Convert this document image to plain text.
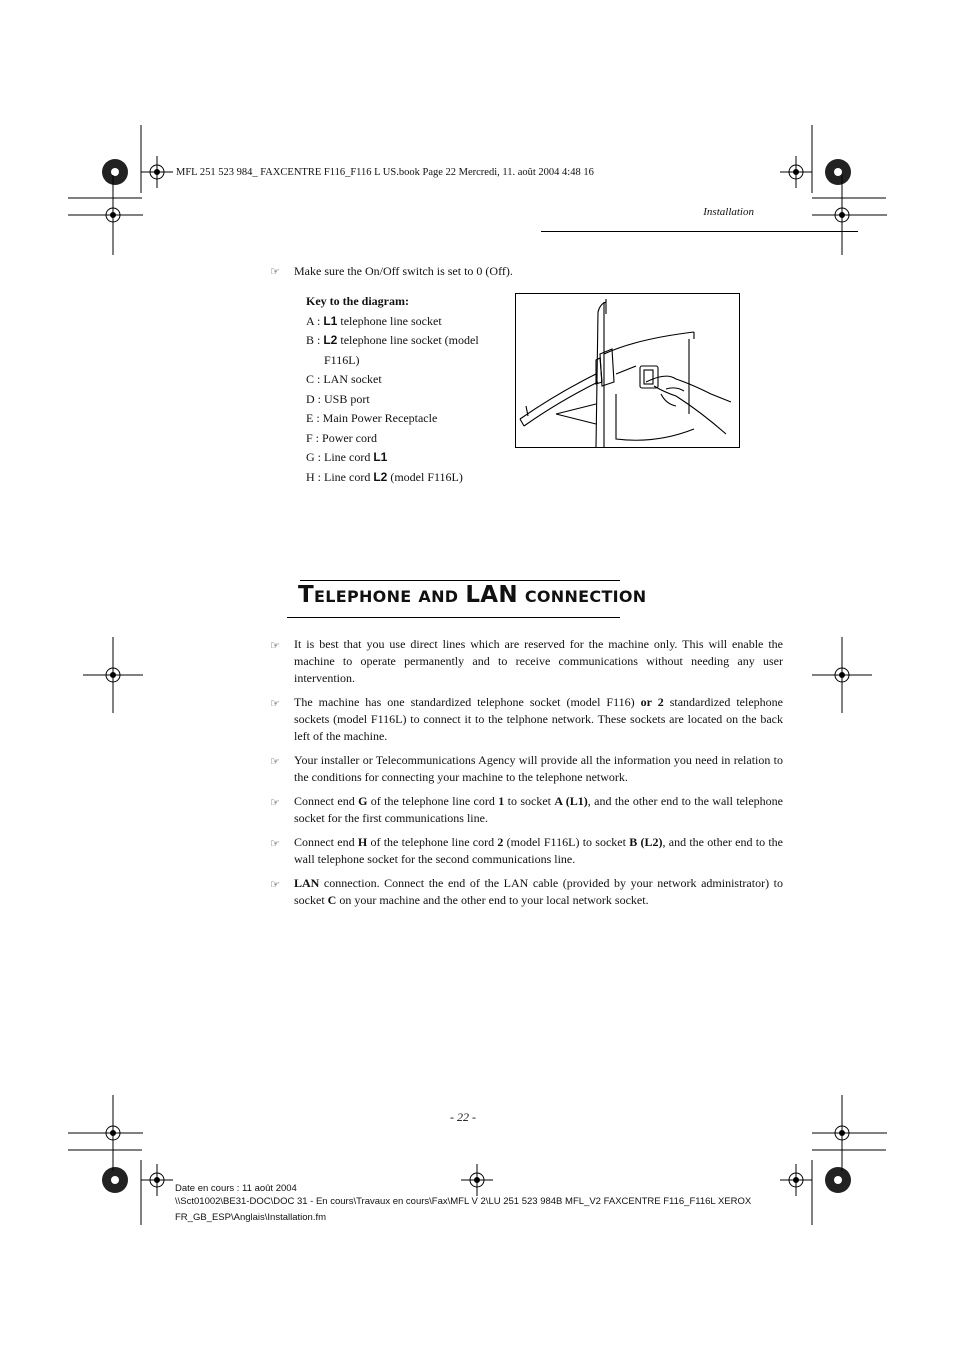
MFL 251 523 984_ FAXCENTRE F116_F116 L US.book Page 22 Mercredi, 11. août 2004 4:48 16
Installation
☞ Make sure the On/Off switch is set to 0 (Off).
Key to the diagram:
A : L1 telephone line socket
B : L2 telephone line socket (model F116L)
C : LAN socket
D : USB port
E : Main Power Receptacle
F : Power cord
G : Line cord L1
H : Line cord L2 (model F116L)
TELEPHONE AND LAN CONNECTION
☞	It is best that you use direct lines which are reserved for the machine only. This will enable the machine to operate permanently and to receive communications without needing any user intervention.
☞	The machine has one standardized telephone socket (model F116) or 2 standardized telephone sockets (model F116L) to connect it to the telphone network. These sockets are located on the back left of the machine.
☞	Your installer or Telecommunications Agency will provide all the information you need in relation to the conditions for connecting your machine to the telephone network.
☞	Connect end G of the telephone line cord 1 to socket A (L1), and the other end to the wall telephone socket for the first communications line.
☞	Connect end H of the telephone line cord 2 (model F116L) to socket B (L2), and the other end to the wall telephone socket for the second communications line.
☞	LAN connection. Connect the end of the LAN cable (provided by your network administrator) to socket C on your machine and the other end to your local network socket.
- 22 -
Date en cours : 11 août 2004
\\Sct01002\BE31-DOC\DOC 31 - En cours\Travaux en cours\Fax\MFL V 2\LU 251 523 984B MFL_V2 FAXCENTRE F116_F116L XEROX
FR_GB_ESP\Anglais\Installation.fm
